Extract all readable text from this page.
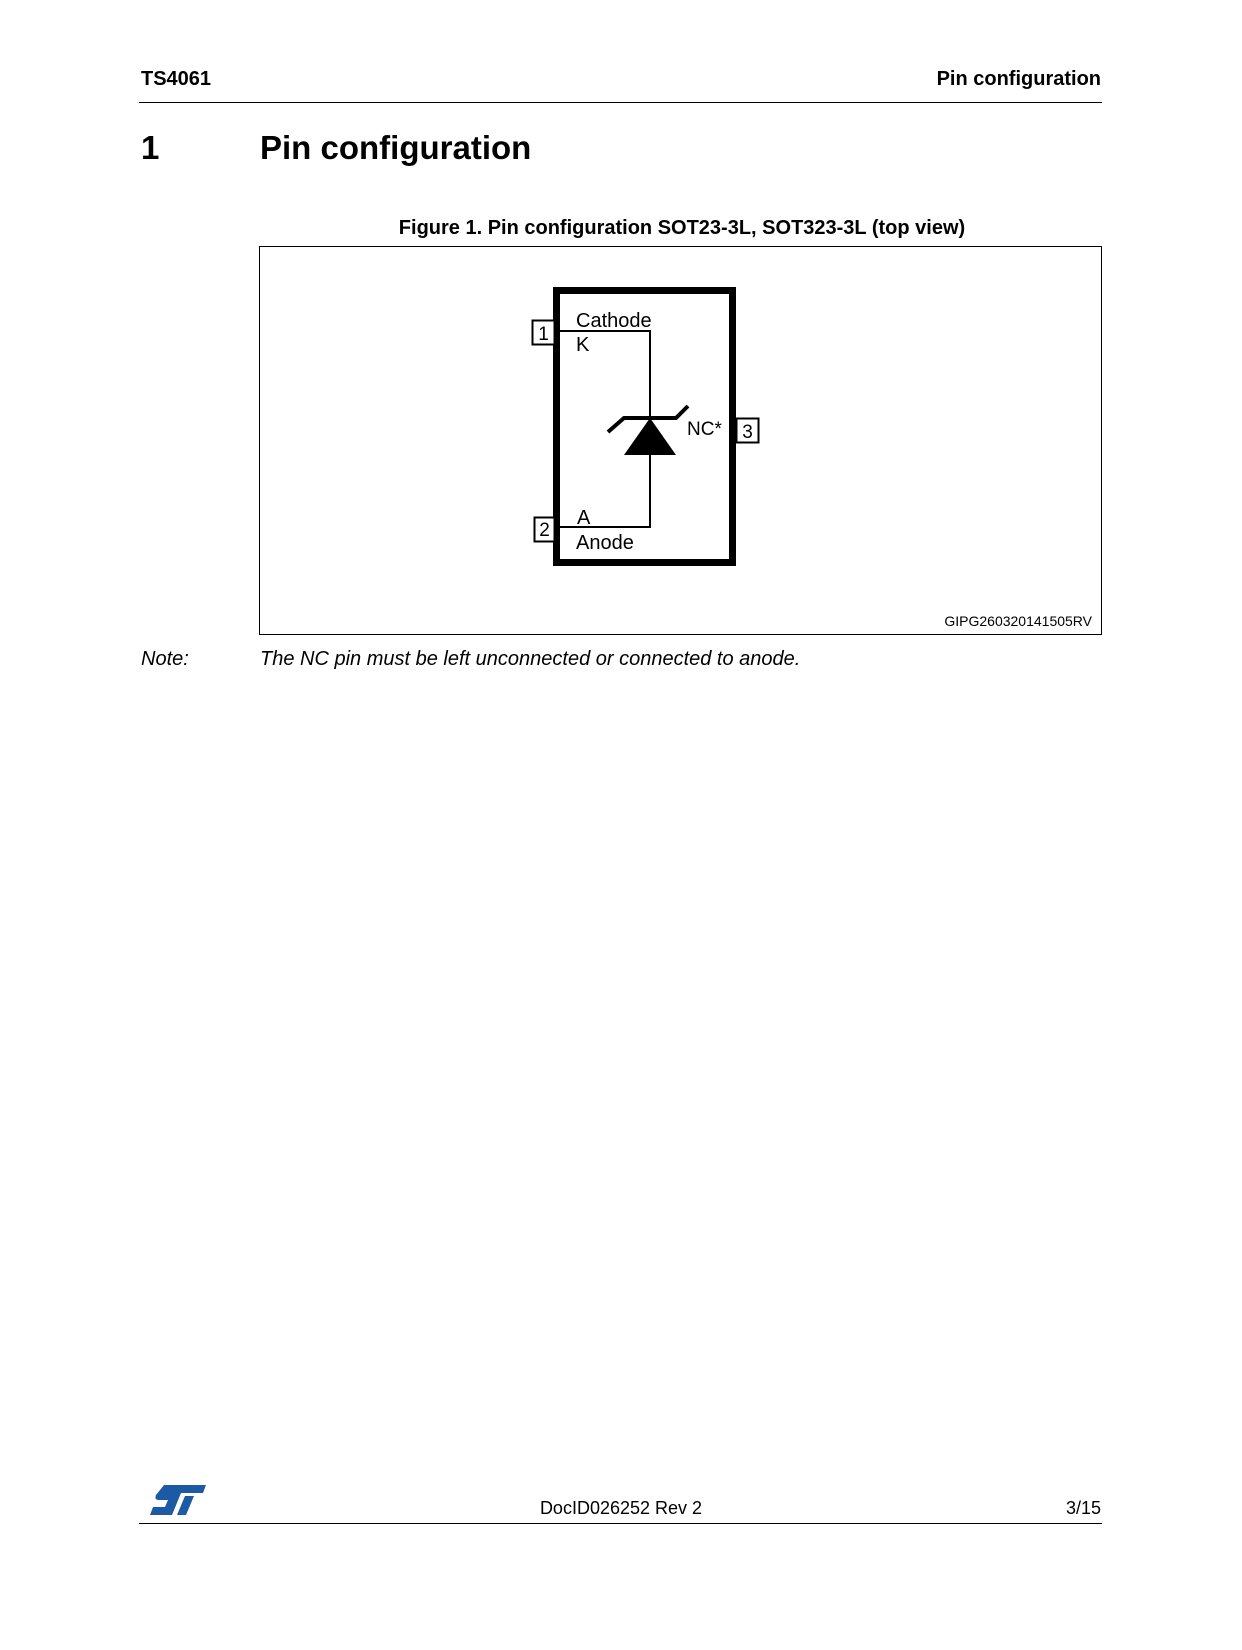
TS4061	Pin configuration
1	Pin configuration
Figure 1. Pin configuration SOT23-3L, SOT323-3L (top view)
1
2
3
Cathode
K
A
Anode
NC*
GIPG260320141505RV
Note:	The NC pin must be left unconnected or connected to anode.
DocID026252 Rev 2	3/15
